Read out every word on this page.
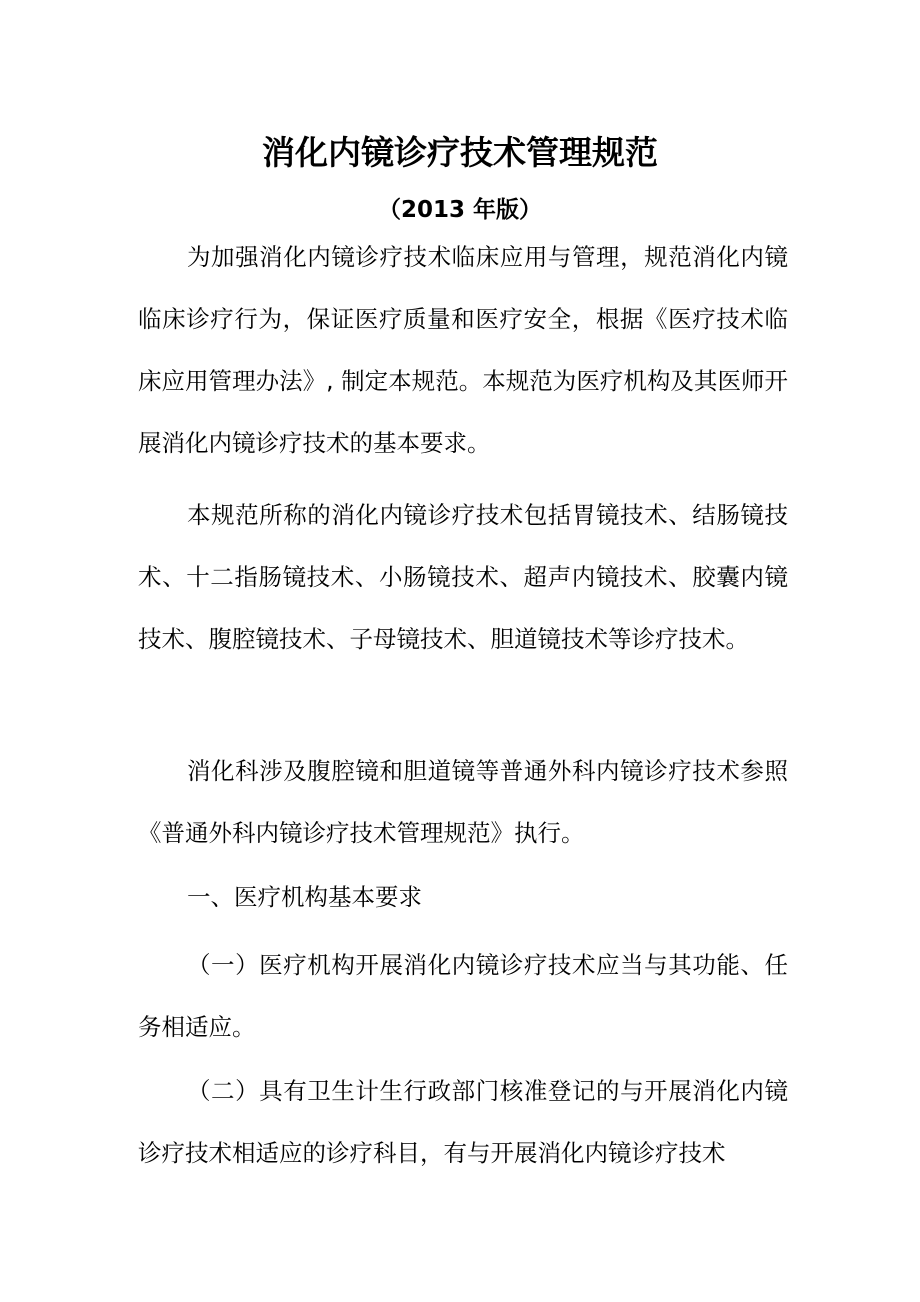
消化内镜诊疗技术管理规范
（2013 年版）

为加强消化内镜诊疗技术临床应用与管理，规范消化内镜临床诊疗行为，保证医疗质量和医疗安全，根据《医疗技术临床应用管理办法》, 制定本规范。本规范为医疗机构及其医师开展消化内镜诊疗技术的基本要求。

本规范所称的消化内镜诊疗技术包括胃镜技术、结肠镜技术、十二指肠镜技术、小肠镜技术、超声内镜技术、胶囊内镜技术、腹腔镜技术、子母镜技术、胆道镜技术等诊疗技术。

消化科涉及腹腔镜和胆道镜等普通外科内镜诊疗技术参照《普通外科内镜诊疗技术管理规范》执行。

一、医疗机构基本要求

（一）医疗机构开展消化内镜诊疗技术应当与其功能、任务相适应。

（二）具有卫生计生行政部门核准登记的与开展消化内镜诊疗技术相适应的诊疗科目，有与开展消化内镜诊疗技术
